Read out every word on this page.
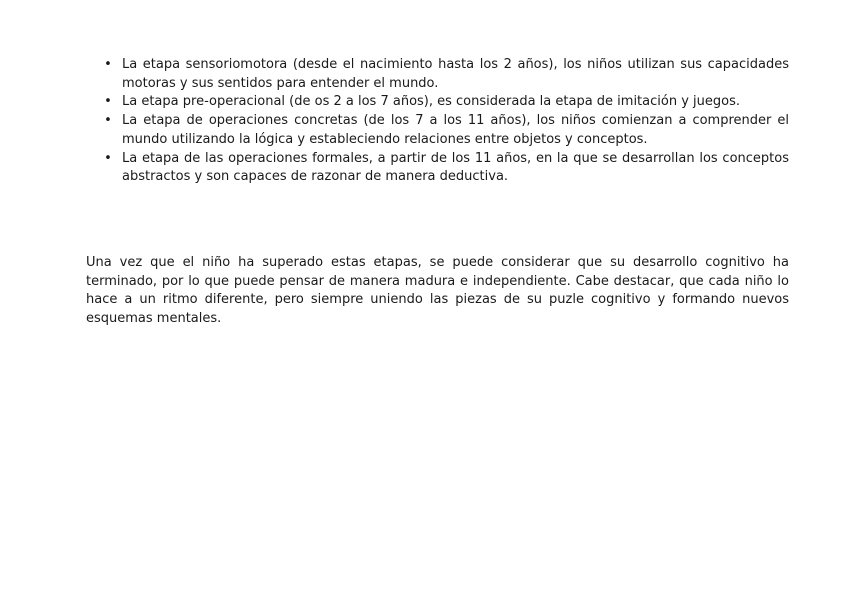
• La etapa sensoriomotora (desde el nacimiento hasta los 2 años), los niños utilizan sus capacidades motoras y sus sentidos para entender el mundo.
• La etapa pre-operacional (de os 2 a los 7 años), es considerada la etapa de imitación y juegos.
• La etapa de operaciones concretas (de los 7 a los 11 años), los niños comienzan a comprender el mundo utilizando la lógica y estableciendo relaciones entre objetos y conceptos.
• La etapa de las operaciones formales, a partir de los 11 años, en la que se desarrollan los conceptos abstractos y son capaces de razonar de manera deductiva.

Una vez que el niño ha superado estas etapas, se puede considerar que su desarrollo cognitivo ha terminado, por lo que puede pensar de manera madura e independiente. Cabe destacar, que cada niño lo hace a un ritmo diferente, pero siempre uniendo las piezas de su puzle cognitivo y formando nuevos esquemas mentales.
